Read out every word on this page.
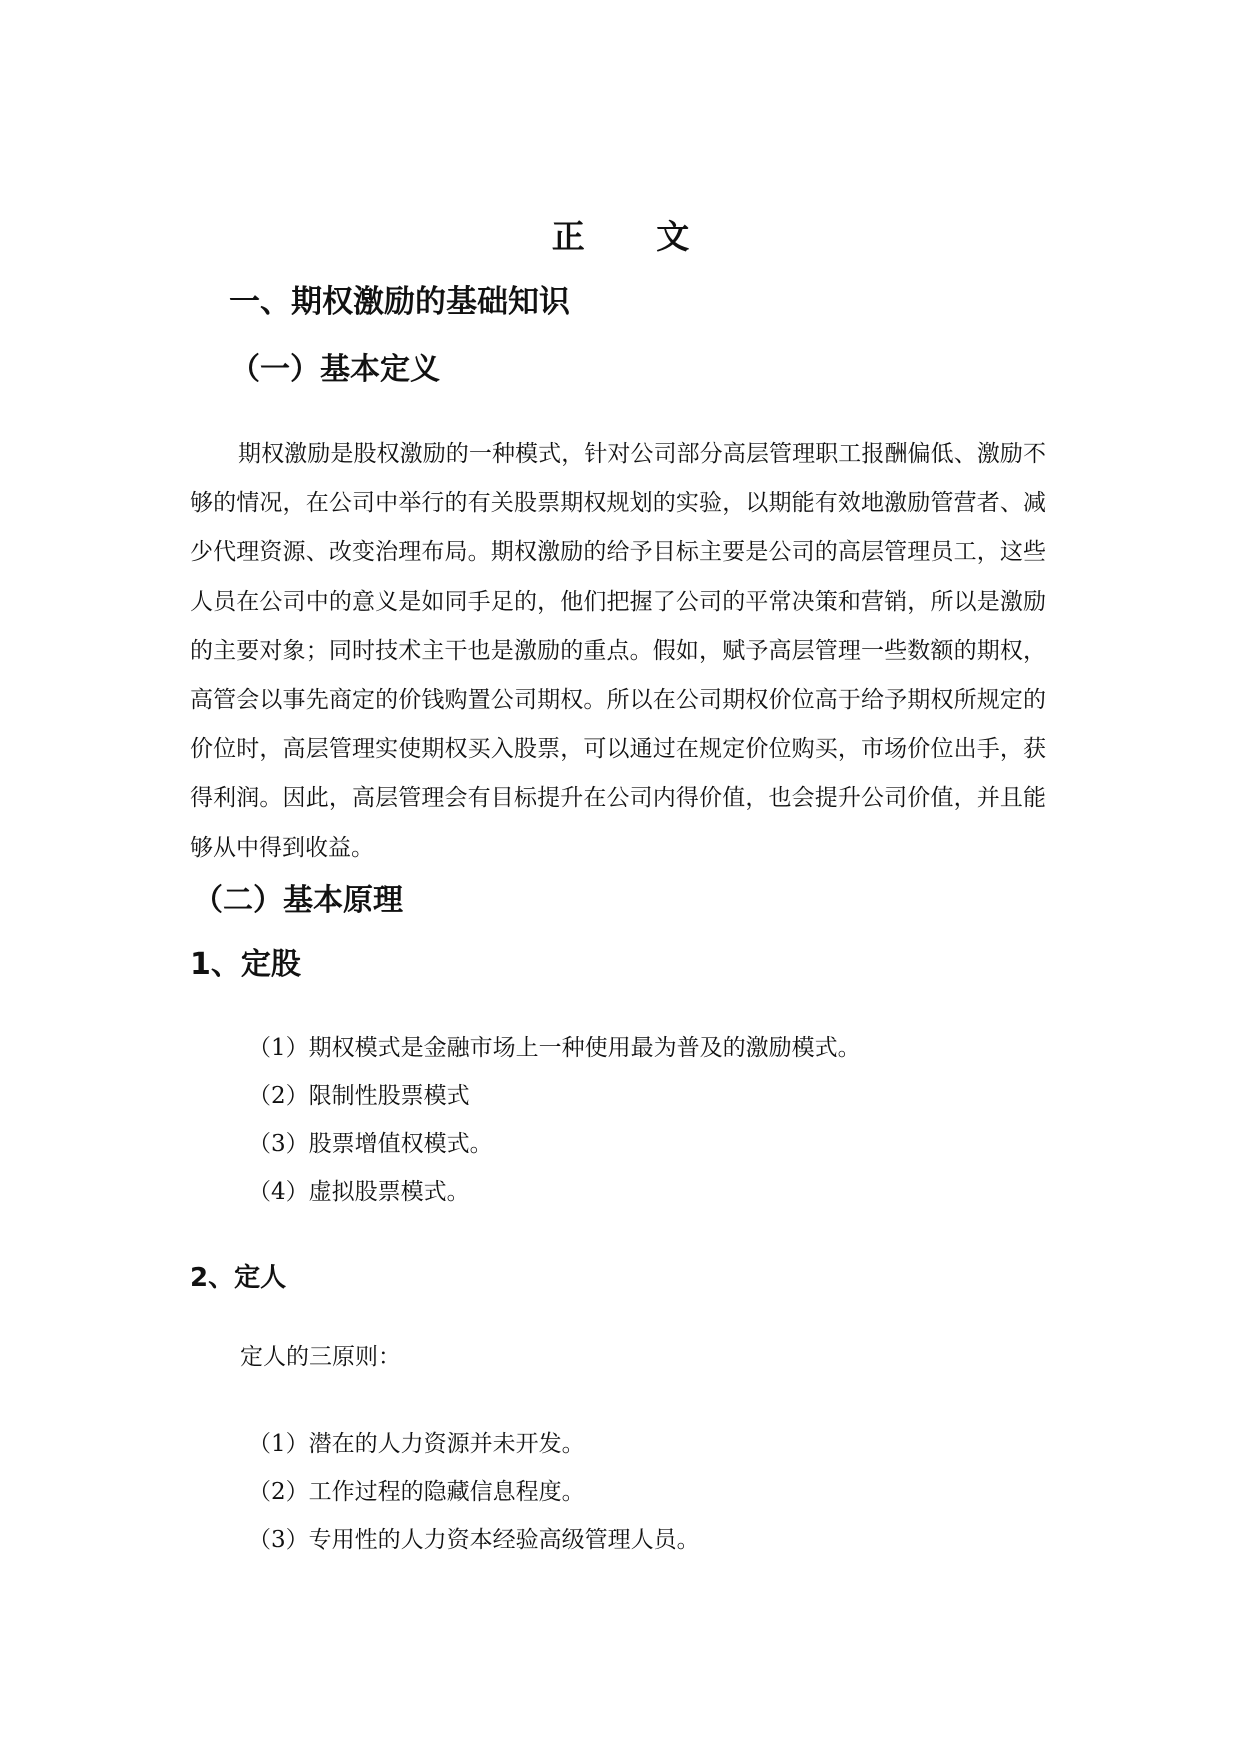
正 文
一、期权激励的基础知识
（一）基本定义

期权激励是股权激励的一种模式，针对公司部分高层管理职工报酬偏低、激励不够的情况，在公司中举行的有关股票期权规划的实验，以期能有效地激励管营者、减少代理资源、改变治理布局。期权激励的给予目标主要是公司的高层管理员工，这些人员在公司中的意义是如同手足的，他们把握了公司的平常决策和营销，所以是激励的主要对象；同时技术主干也是激励的重点。假如，赋予高层管理一些数额的期权，高管会以事先商定的价钱购置公司期权。所以在公司期权价位高于给予期权所规定的价位时，高层管理实使期权买入股票，可以通过在规定价位购买，市场价位出手，获得利润。因此，高层管理会有目标提升在公司内得价值，也会提升公司价值，并且能够从中得到收益。

（二）基本原理
1、定股
（1）期权模式是金融市场上一种使用最为普及的激励模式。
（2）限制性股票模式
（3）股票增值权模式。
（4）虚拟股票模式。
2、定人
定人的三原则：
（1）潜在的人力资源并未开发。
（2）工作过程的隐藏信息程度。
（3）专用性的人力资本经验高级管理人员。
